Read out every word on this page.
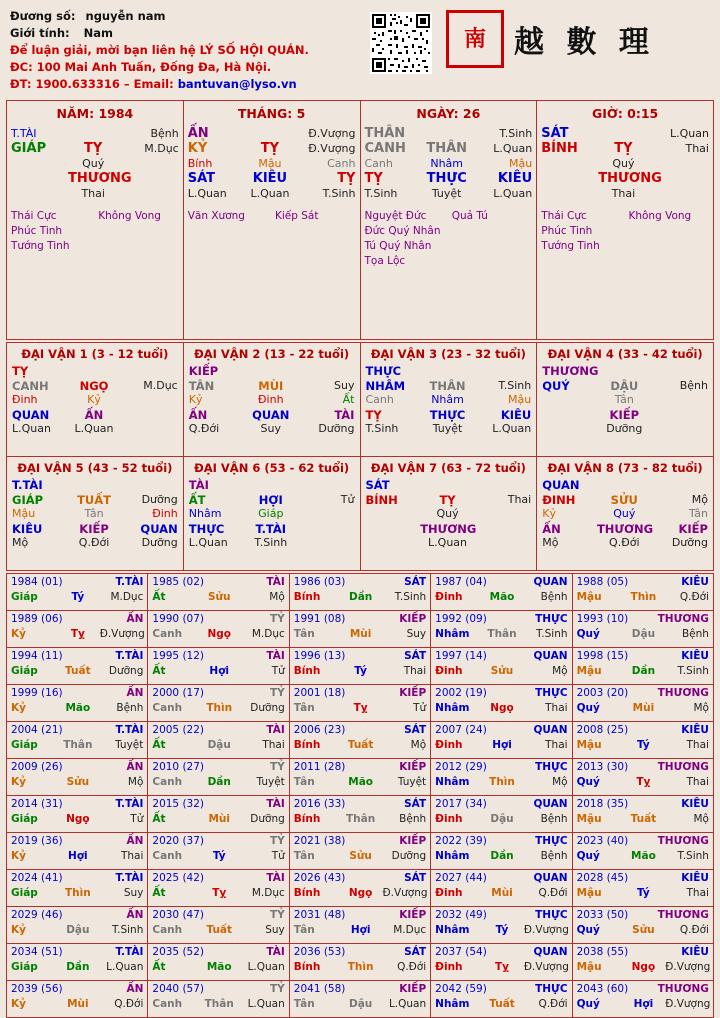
Đương số: nguyễn nam
Giới tính: Nam
Để luận giải, mời bạn liên hệ LÝ SỐ HỘI QUÁN.
ĐC: 100 Mai Anh Tuấn, Đống Đa, Hà Nội.
ĐT: 1900.633316 – Email: bantuvan@lyso.vn
南 越 數 理
NĂM: 1984
T.TÀI	Bệnh
GIÁP	TỴ	M.Dục
Quý
THƯƠNG
Thai
Thái Cực	Không Vong
Phúc Tinh
Tướng Tinh
THÁNG: 5
ẤN	Đ.Vượng
KỶ	TỴ	Đ.Vượng
Bính	Mậu	Canh
SÁT	KIÊU	TỴ
L.Quan	L.Quan	T.Sinh
Văn Xương	Kiếp Sát
NGÀY: 26
THÂN	T.Sinh
CANH	THÂN	L.Quan
Canh	Nhâm	Mậu
TỴ	THỰC	KIÊU
T.Sinh	Tuyệt	L.Quan
Nguyệt Đức	Quả Tú
Đức Quý Nhân
Tú Quý Nhân
Tọa Lộc
GIỜ: 0:15
SÁT	L.Quan
BÍNH	TỴ	Thai
Quý
THƯƠNG
Thai
Thái Cực	Không Vong
Phúc Tinh
Tướng Tinh
ĐẠI VẬN 1 (3 - 12 tuổi)
TỴ
CANH	NGỌ	M.Dục
Đinh	Kỷ
QUAN	ẤN
L.Quan	L.Quan
ĐẠI VẬN 2 (13 - 22 tuổi)
KIẾP
TÂN	MÙI	Suy
Kỷ	Đinh	Ất
ẤN	QUAN	TÀI
Q.Đới	Suy	Dưỡng
ĐẠI VẬN 3 (23 - 32 tuổi)
THỰC
NHÂM	THÂN	T.Sinh
Canh	Nhâm	Mậu
TỴ	THỰC	KIÊU
T.Sinh	Tuyệt	L.Quan
ĐẠI VẬN 4 (33 - 42 tuổi)
THƯƠNG
QUÝ	DẬU	Bệnh
Tân
KIẾP
Dưỡng
ĐẠI VẬN 5 (43 - 52 tuổi)
T.TÀI
GIÁP	TUẤT	Dưỡng
Mậu	Tân	Đinh
KIÊU	KIẾP	QUAN
Mộ	Q.Đới	Dưỡng
ĐẠI VẬN 6 (53 - 62 tuổi)
TÀI
ẤT	HỢI	Tử
Nhâm	Giáp
THỰC	T.TÀI
L.Quan	T.Sinh
ĐẠI VẬN 7 (63 - 72 tuổi)
SÁT
BÍNH	TỴ	Thai
Quý
THƯƠNG
L.Quan
ĐẠI VẬN 8 (73 - 82 tuổi)
QUAN
ĐINH	SỬU	Mộ
Kỷ	Quý	Tân
ẤN	THƯƠNG	KIẾP
Mộ	Q.Đới	Dưỡng
1984 (01)	T.TÀI
Giáp	Tý	M.Dục
1985 (02)	TÀI
Ất	Sửu	Mộ
1986 (03)	SÁT
Bính	Dần	T.Sinh
1987 (04)	QUAN
Đinh	Mão	Bệnh
1988 (05)	KIÊU
Mậu	Thìn	Q.Đới
1989 (06)	ẤN
Kỷ	Tỵ	Đ.Vượng
1990 (07)	TỶ
Canh	Ngọ	M.Dục
1991 (08)	KIẾP
Tân	Mùi	Suy
1992 (09)	THỰC
Nhâm	Thân	T.Sinh
1993 (10)	THƯƠNG
Quý	Dậu	Bệnh
1994 (11)	T.TÀI
Giáp	Tuất	Dưỡng
1995 (12)	TÀI
Ất	Hợi	Tử
1996 (13)	SÁT
Bính	Tý	Thai
1997 (14)	QUAN
Đinh	Sửu	Mộ
1998 (15)	KIÊU
Mậu	Dần	T.Sinh
1999 (16)	ẤN
Kỷ	Mão	Bệnh
2000 (17)	TỶ
Canh	Thìn	Dưỡng
2001 (18)	KIẾP
Tân	Tỵ	Tử
2002 (19)	THỰC
Nhâm	Ngọ	Thai
2003 (20)	THƯƠNG
Quý	Mùi	Mộ
2004 (21)	T.TÀI
Giáp	Thân	Tuyệt
2005 (22)	TÀI
Ất	Dậu	Thai
2006 (23)	SÁT
Bính	Tuất	Mộ
2007 (24)	QUAN
Đinh	Hợi	Thai
2008 (25)	KIÊU
Mậu	Tý	Thai
2009 (26)	ẤN
Kỷ	Sửu	Mộ
2010 (27)	TỶ
Canh	Dần	Tuyệt
2011 (28)	KIẾP
Tân	Mão	Tuyệt
2012 (29)	THỰC
Nhâm	Thìn	Mộ
2013 (30)	THƯƠNG
Quý	Tỵ	Thai
2014 (31)	T.TÀI
Giáp	Ngọ	Tử
2015 (32)	TÀI
Ất	Mùi	Dưỡng
2016 (33)	SÁT
Bính	Thân	Bệnh
2017 (34)	QUAN
Đinh	Dậu	Bệnh
2018 (35)	KIÊU
Mậu	Tuất	Mộ
2019 (36)	ẤN
Kỷ	Hợi	Thai
2020 (37)	TỶ
Canh	Tý	Tử
2021 (38)	KIẾP
Tân	Sửu	Dưỡng
2022 (39)	THỰC
Nhâm	Dần	Bệnh
2023 (40)	THƯƠNG
Quý	Mão	T.Sinh
2024 (41)	T.TÀI
Giáp	Thìn	Suy
2025 (42)	TÀI
Ất	Tỵ	M.Dục
2026 (43)	SÁT
Bính	Ngọ Đ.Vượng
2027 (44)	QUAN
Đinh	Mùi	Q.Đới
2028 (45)	KIÊU
Mậu	Tý	Thai
2029 (46)	ẤN
Kỷ	Dậu	T.Sinh
2030 (47)	TỶ
Canh	Tuất	Suy
2031 (48)	KIẾP
Tân	Hợi	M.Dục
2032 (49)	THỰC
Nhâm	Tý	Đ.Vượng
2033 (50)	THƯƠNG
Quý	Sửu	Q.Đới
2034 (51)	T.TÀI
Giáp	Dần	L.Quan
2035 (52)	TÀI
Ất	Mão	L.Quan
2036 (53)	SÁT
Bính	Thìn	Q.Đới
2037 (54)	QUAN
Đinh	Tỵ	Đ.Vượng
2038 (55)	KIÊU
Mậu	Ngọ Đ.Vượng
2039 (56)	ẤN
Kỷ	Mùi	Q.Đới
2040 (57)	TỶ
Canh	Thân	L.Quan
2041 (58)	KIẾP
Tân	Dậu	L.Quan
2042 (59)	THỰC
Nhâm	Tuất	Q.Đới
2043 (60)	THƯƠNG
Quý	Hợi	Đ.Vượng
